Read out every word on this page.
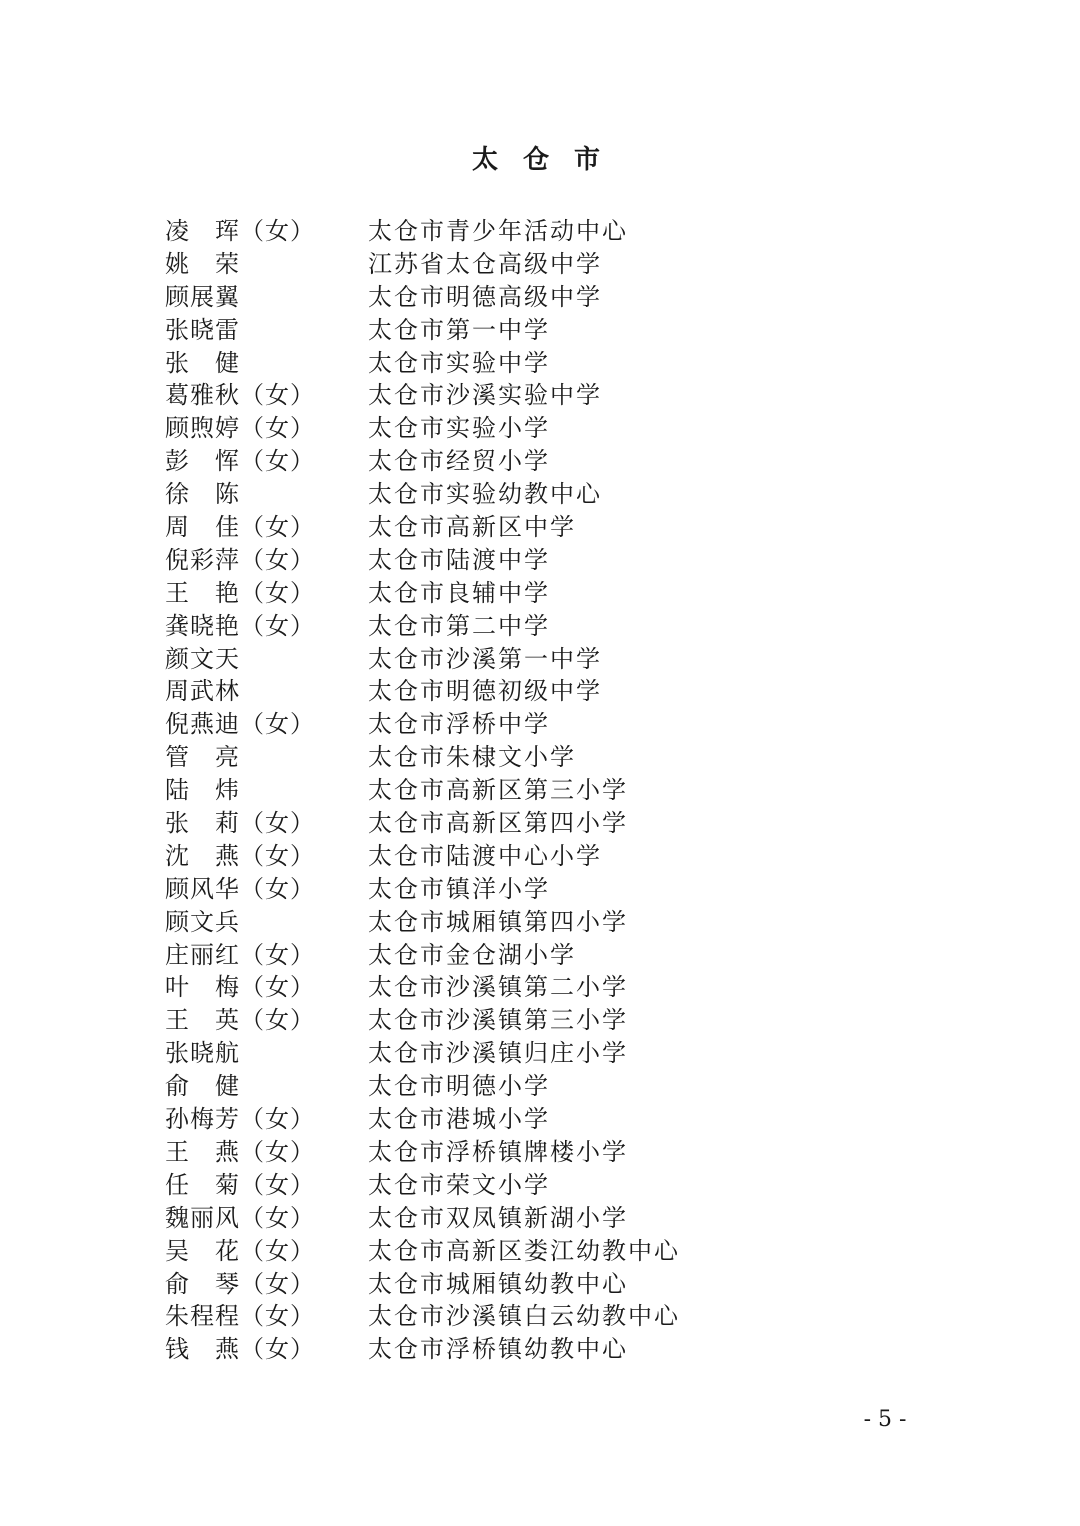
太 仓 市
凌　珲（女） 太仓市青少年活动中心
姚　荣	江苏省太仓高级中学
顾展翼	太仓市明德高级中学
张晓雷	太仓市第一中学
张　健	太仓市实验中学
葛雅秋（女） 太仓市沙溪实验中学
顾煦婷（女） 太仓市实验小学
彭　恽（女） 太仓市经贸小学
徐　陈	太仓市实验幼教中心
周　佳（女） 太仓市高新区中学
倪彩萍（女） 太仓市陆渡中学
王　艳（女） 太仓市良辅中学
龚晓艳（女） 太仓市第二中学
颜文天	太仓市沙溪第一中学
周武林	太仓市明德初级中学
倪燕迪（女） 太仓市浮桥中学
管　亮	太仓市朱棣文小学
陆　炜	太仓市高新区第三小学
张　莉（女） 太仓市高新区第四小学
沈　燕（女） 太仓市陆渡中心小学
顾风华（女） 太仓市镇洋小学
顾文兵	太仓市城厢镇第四小学
庄丽红（女） 太仓市金仓湖小学
叶　梅（女） 太仓市沙溪镇第二小学
王　英（女） 太仓市沙溪镇第三小学
张晓航	太仓市沙溪镇归庄小学
俞　健	太仓市明德小学
孙梅芳（女） 太仓市港城小学
王　燕（女） 太仓市浮桥镇牌楼小学
任　菊（女） 太仓市荣文小学
魏丽风（女） 太仓市双凤镇新湖小学
吴　花（女） 太仓市高新区娄江幼教中心
俞　琴（女） 太仓市城厢镇幼教中心
朱程程（女） 太仓市沙溪镇白云幼教中心
钱　燕（女） 太仓市浮桥镇幼教中心
- 5 -
